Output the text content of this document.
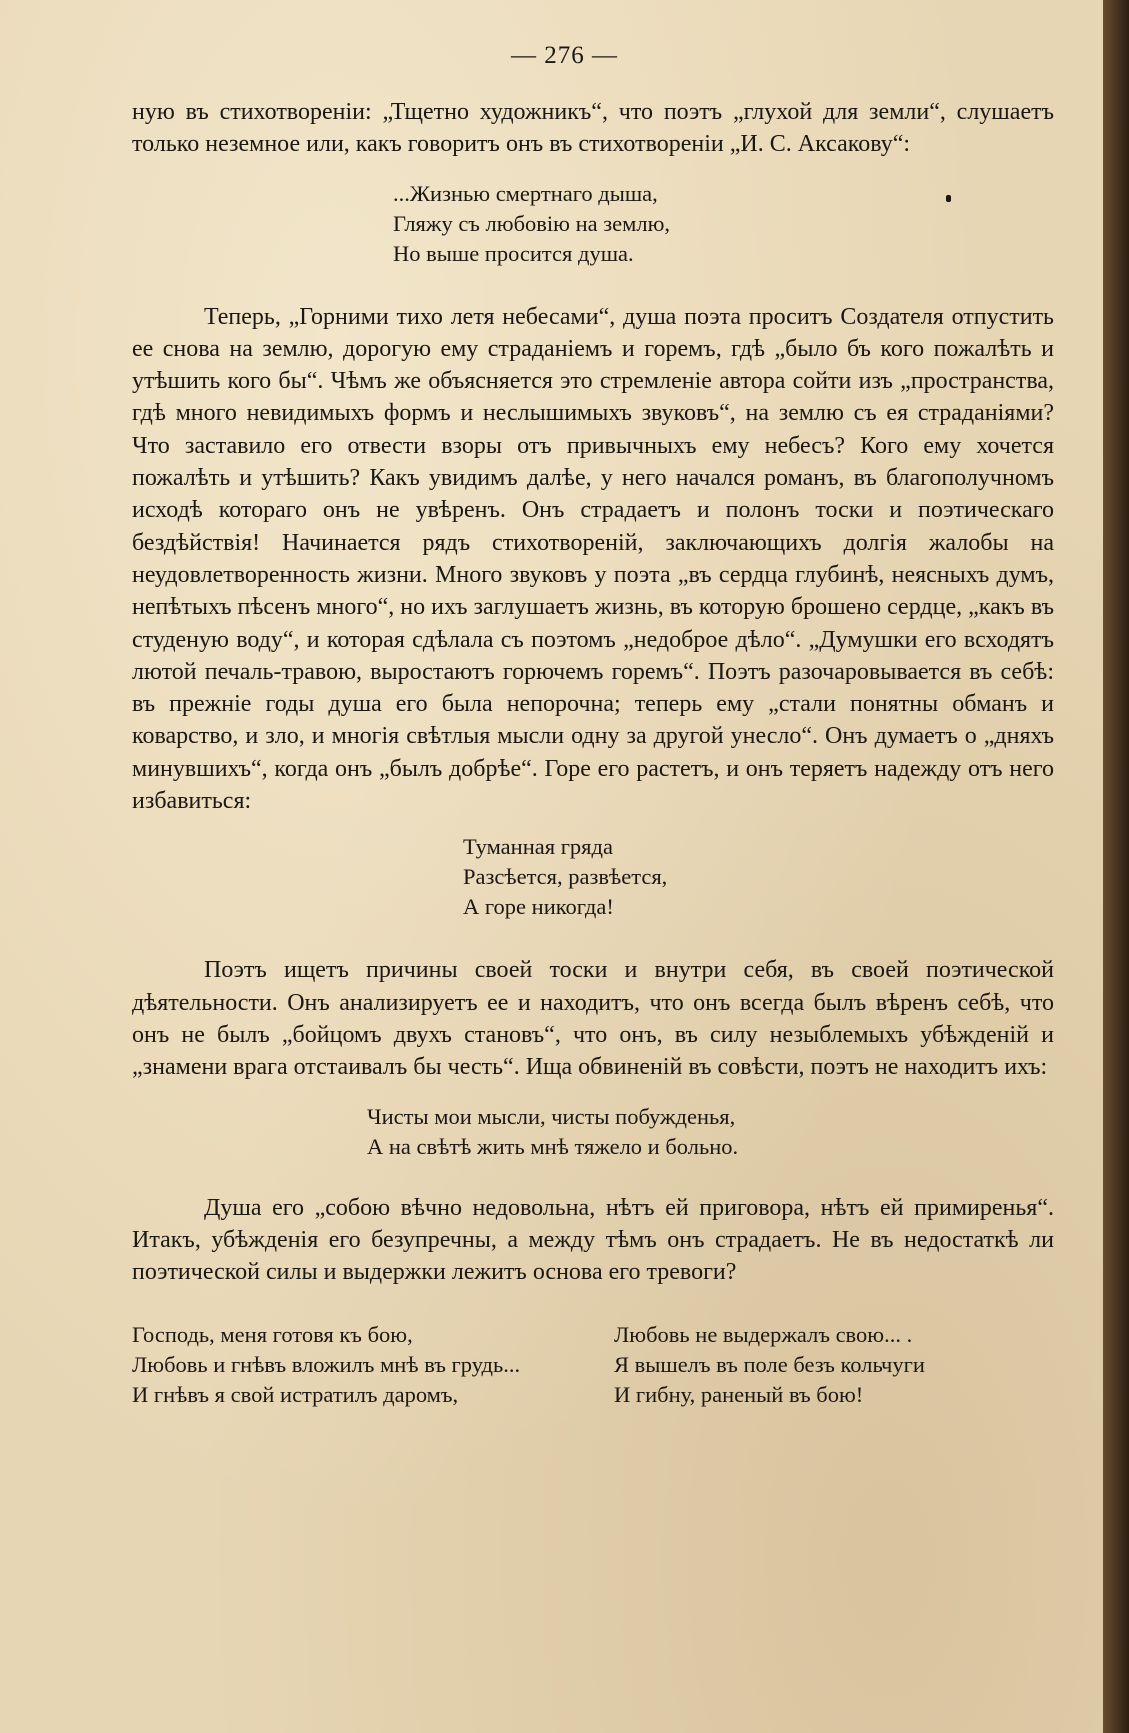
— 276 —

ную въ стихотвореніи: „Тщетно художникъ“, что поэтъ „глухой для земли“, слушаетъ только неземное или, какъ говоритъ онъ въ стихотвореніи „И. С. Аксакову“:

...Жизнью смертнаго дыша,
Гляжу съ любовію на землю,
Но выше просится душа.

Теперь, „Горними тихо летя небесами“, душа поэта проситъ Создателя отпустить ее снова на землю, дорогую ему страданіемъ и горемъ, гдѣ „было бъ кого пожалѣть и утѣшить кого бы“. Чѣмъ же объясняется это стремленіе автора сойти изъ „пространства, гдѣ много невидимыхъ формъ и неслышимыхъ звуковъ“, на землю съ ея страданіями? Что заставило его отвести взоры отъ привычныхъ ему небесъ? Кого ему хочется пожалѣть и утѣшить? Какъ увидимъ далѣе, у него начался романъ, въ благополучномъ исходѣ котораго онъ не увѣренъ. Онъ страдаетъ и полонъ тоски и поэтическаго бездѣйствія! Начинается рядъ стихотвореній, заключающихъ долгія жалобы на неудовлетворенность жизни. Много звуковъ у поэта „въ сердца глубинѣ, неясныхъ думъ, непѣтыхъ пѣсенъ много“, но ихъ заглушаетъ жизнь, въ которую брошено сердце, „какъ въ студеную воду“, и которая сдѣлала съ поэтомъ „недоброе дѣло“. „Думушки его всходятъ лютой печаль-травою, выростаютъ горючемъ горемъ“. Поэтъ разочаровывается въ себѣ: въ прежніе годы душа его была непорочна; теперь ему „стали понятны обманъ и коварство, и зло, и многія свѣтлыя мысли одну за другой унесло“. Онъ думаетъ о „дняхъ минувшихъ“, когда онъ „былъ добрѣе“. Горе его растетъ, и онъ теряетъ надежду отъ него избавиться:

Туманная гряда
Разсѣется, развѣется,
А горе никогда!

Поэтъ ищетъ причины своей тоски и внутри себя, въ своей поэтической дѣятельности. Онъ анализируетъ ее и находитъ, что онъ всегда былъ вѣренъ себѣ, что онъ не былъ „бойцомъ двухъ становъ“, что онъ, въ силу незыблемыхъ убѣжденій и „знамени врага отстаивалъ бы честь“. Ища обвиненій въ совѣсти, поэтъ не находитъ ихъ:

Чисты мои мысли, чисты побужденья,
А на свѣтѣ жить мнѣ тяжело и больно.

Душа его „собою вѣчно недовольна, нѣтъ ей приговора, нѣтъ ей примиренья“. Итакъ, убѣжденія его безупречны, а между тѣмъ онъ страдаетъ. Не въ недостаткѣ ли поэтической силы и выдержки лежитъ основа его тревоги?

Господь, меня готовя къ бою,
Любовь и гнѣвъ вложилъ мнѣ въ грудь...
И гнѣвъ я свой истратилъ даромъ,
Любовь не выдержалъ свою... .
Я вышелъ въ поле безъ кольчуги
И гибну, раненый въ бою!
